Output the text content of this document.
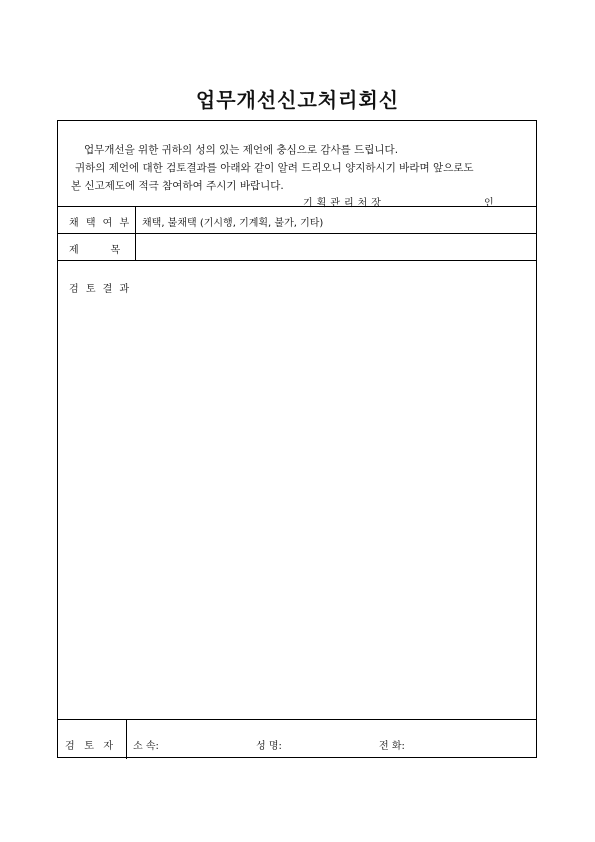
업무개선신고처리회신
업무개선을 위한 귀하의 성의 있는 제언에 충심으로 감사를 드립니다.
귀하의 제언에 대한 검토결과를 아래와 같이 알려 드리오니 양지하시기 바라며 앞으로도
본 신고제도에 적극 참여하여 주시기 바랍니다.
기획관리처장	인
채 택 여 부 채택, 불채택 (기시행, 기계획, 불가, 기타)
제          목
검 토 결 과
검   토   자 소 속:	성 명:	전 화:
